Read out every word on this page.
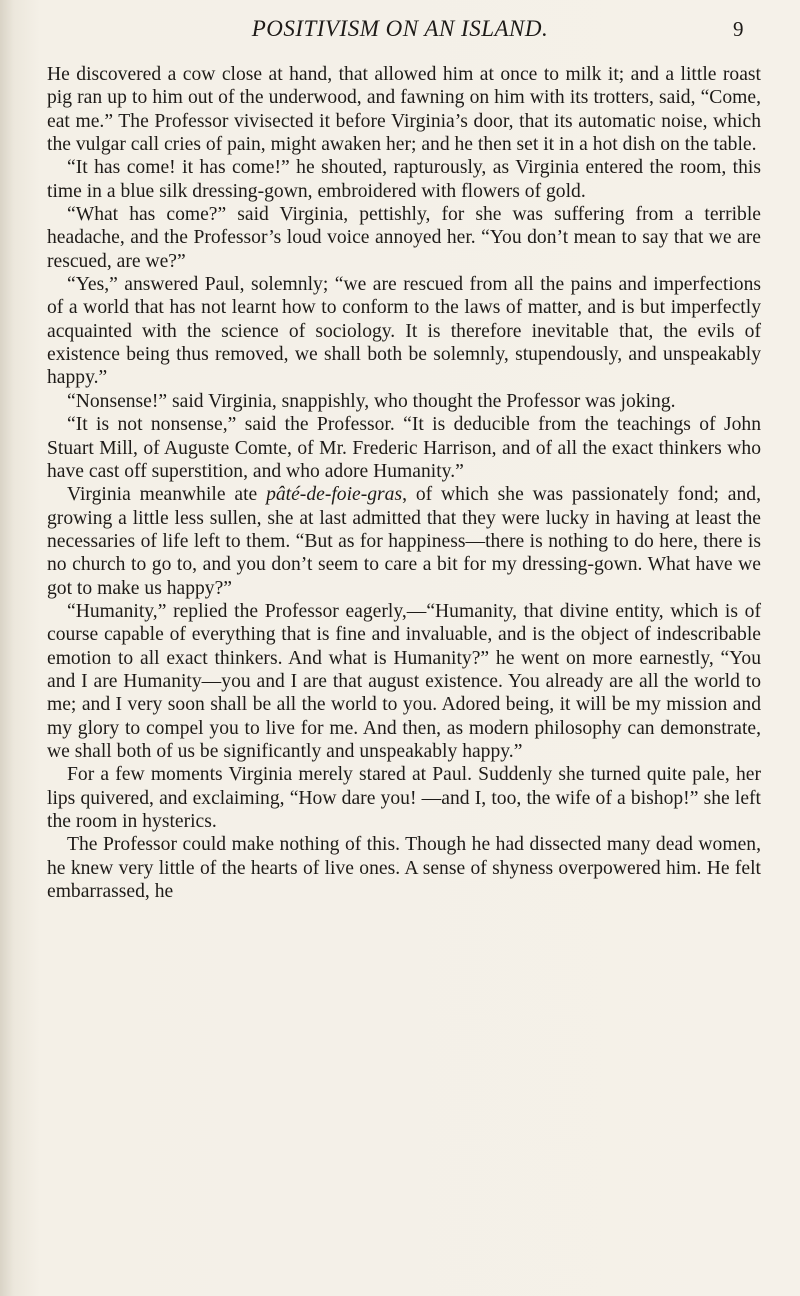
POSITIVISM ON AN ISLAND.	9

He discovered a cow close at hand, that allowed him at once to milk it; and a little roast pig ran up to him out of the underwood, and fawning on him with its trotters, said, “Come, eat me.” The Professor vivisected it before Virginia’s door, that its automatic noise, which the vulgar call cries of pain, might awaken her; and he then set it in a hot dish on the table.

“It has come! it has come!” he shouted, rapturously, as Virginia entered the room, this time in a blue silk dressing-gown, embroidered with flowers of gold.

“What has come?” said Virginia, pettishly, for she was suffering from a terrible headache, and the Professor’s loud voice annoyed her. “You don’t mean to say that we are rescued, are we?”

“Yes,” answered Paul, solemnly; “we are rescued from all the pains and imperfections of a world that has not learnt how to conform to the laws of matter, and is but imperfectly acquainted with the science of sociology. It is therefore inevitable that, the evils of existence being thus removed, we shall both be solemnly, stupendously, and unspeakably happy.”

“Nonsense!” said Virginia, snappishly, who thought the Professor was joking.

“It is not nonsense,” said the Professor. “It is deducible from the teachings of John Stuart Mill, of Auguste Comte, of Mr. Frederic Harrison, and of all the exact thinkers who have cast off superstition, and who adore Humanity.”

Virginia meanwhile ate pâté-de-foie-gras, of which she was passionately fond; and, growing a little less sullen, she at last admitted that they were lucky in having at least the necessaries of life left to them. “But as for happiness—there is nothing to do here, there is no church to go to, and you don’t seem to care a bit for my dressing-gown. What have we got to make us happy?”

“Humanity,” replied the Professor eagerly,—“Humanity, that divine entity, which is of course capable of everything that is fine and invaluable, and is the object of indescribable emotion to all exact thinkers. And what is Humanity?” he went on more earnestly, “You and I are Humanity—you and I are that august existence. You already are all the world to me; and I very soon shall be all the world to you. Adored being, it will be my mission and my glory to compel you to live for me. And then, as modern philosophy can demonstrate, we shall both of us be significantly and unspeakably happy.”

For a few moments Virginia merely stared at Paul. Suddenly she turned quite pale, her lips quivered, and exclaiming, “How dare you! —and I, too, the wife of a bishop!” she left the room in hysterics.

The Professor could make nothing of this. Though he had dissected many dead women, he knew very little of the hearts of live ones. A sense of shyness overpowered him. He felt embarrassed, he
